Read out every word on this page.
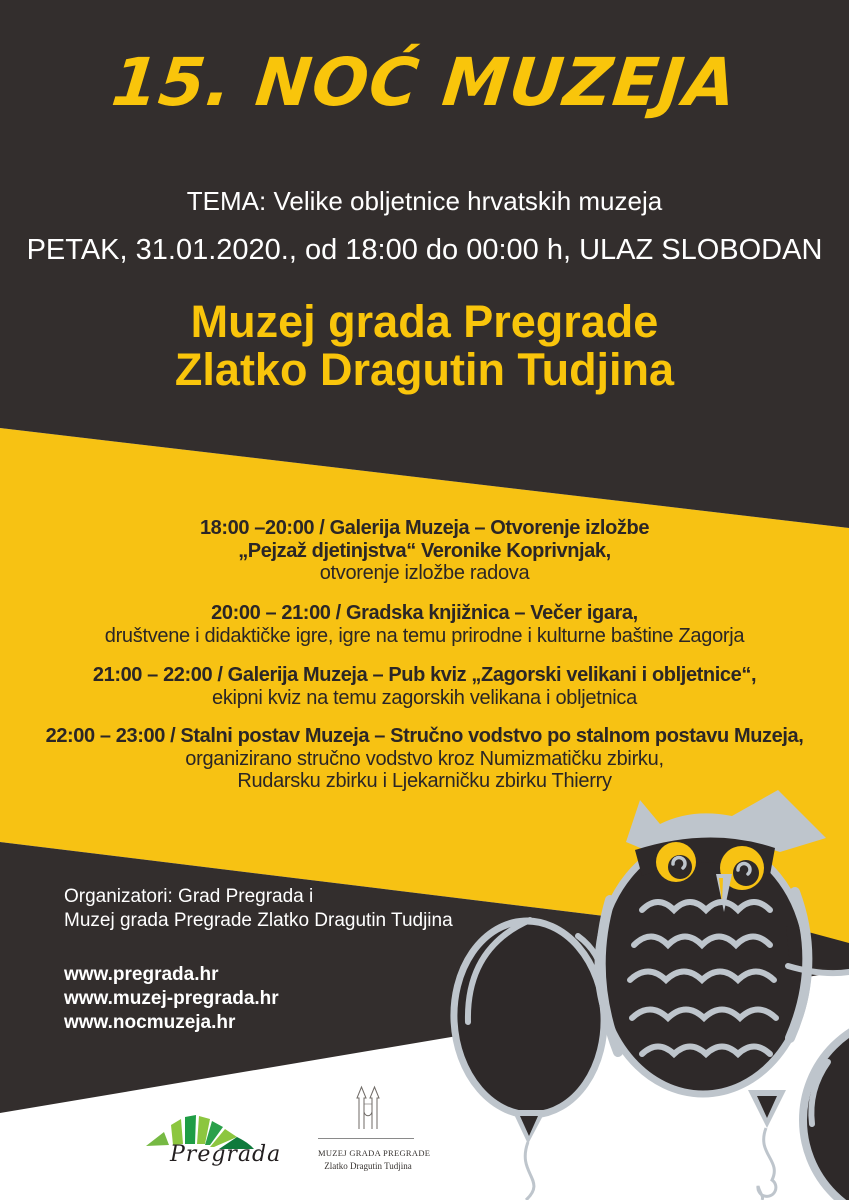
15. NOĆ MUZEJA
TEMA: Velike obljetnice hrvatskih muzeja
PETAK, 31.01.2020., od 18:00 do 00:00 h, ULAZ SLOBODAN
Muzej grada Pregrade
Zlatko Dragutin Tudjina
18:00 –20:00 / Galerija Muzeja – Otvorenje izložbe
„Pejzaž djetinjstva“ Veronike Koprivnjak,
otvorenje izložbe radova
20:00 – 21:00 / Gradska knjižnica – Večer igara,
društvene i didaktičke igre, igre na temu prirodne i kulturne baštine Zagorja
21:00 – 22:00 / Galerija Muzeja – Pub kviz „Zagorski velikani i obljetnice“,
ekipni kviz na temu zagorskih velikana i obljetnica
22:00 – 23:00 / Stalni postav Muzeja – Stručno vodstvo po stalnom postavu Muzeja,
organizirano stručno vodstvo kroz Numizmatičku zbirku,
Rudarsku zbirku i Ljekarničku zbirku Thierry
Organizatori: Grad Pregrada i
Muzej grada Pregrade Zlatko Dragutin Tudjina
www.pregrada.hr
www.muzej-pregrada.hr
www.nocmuzeja.hr
Pregrada	MUZEJ GRADA PREGRADE
Zlatko Dragutin Tudjina
